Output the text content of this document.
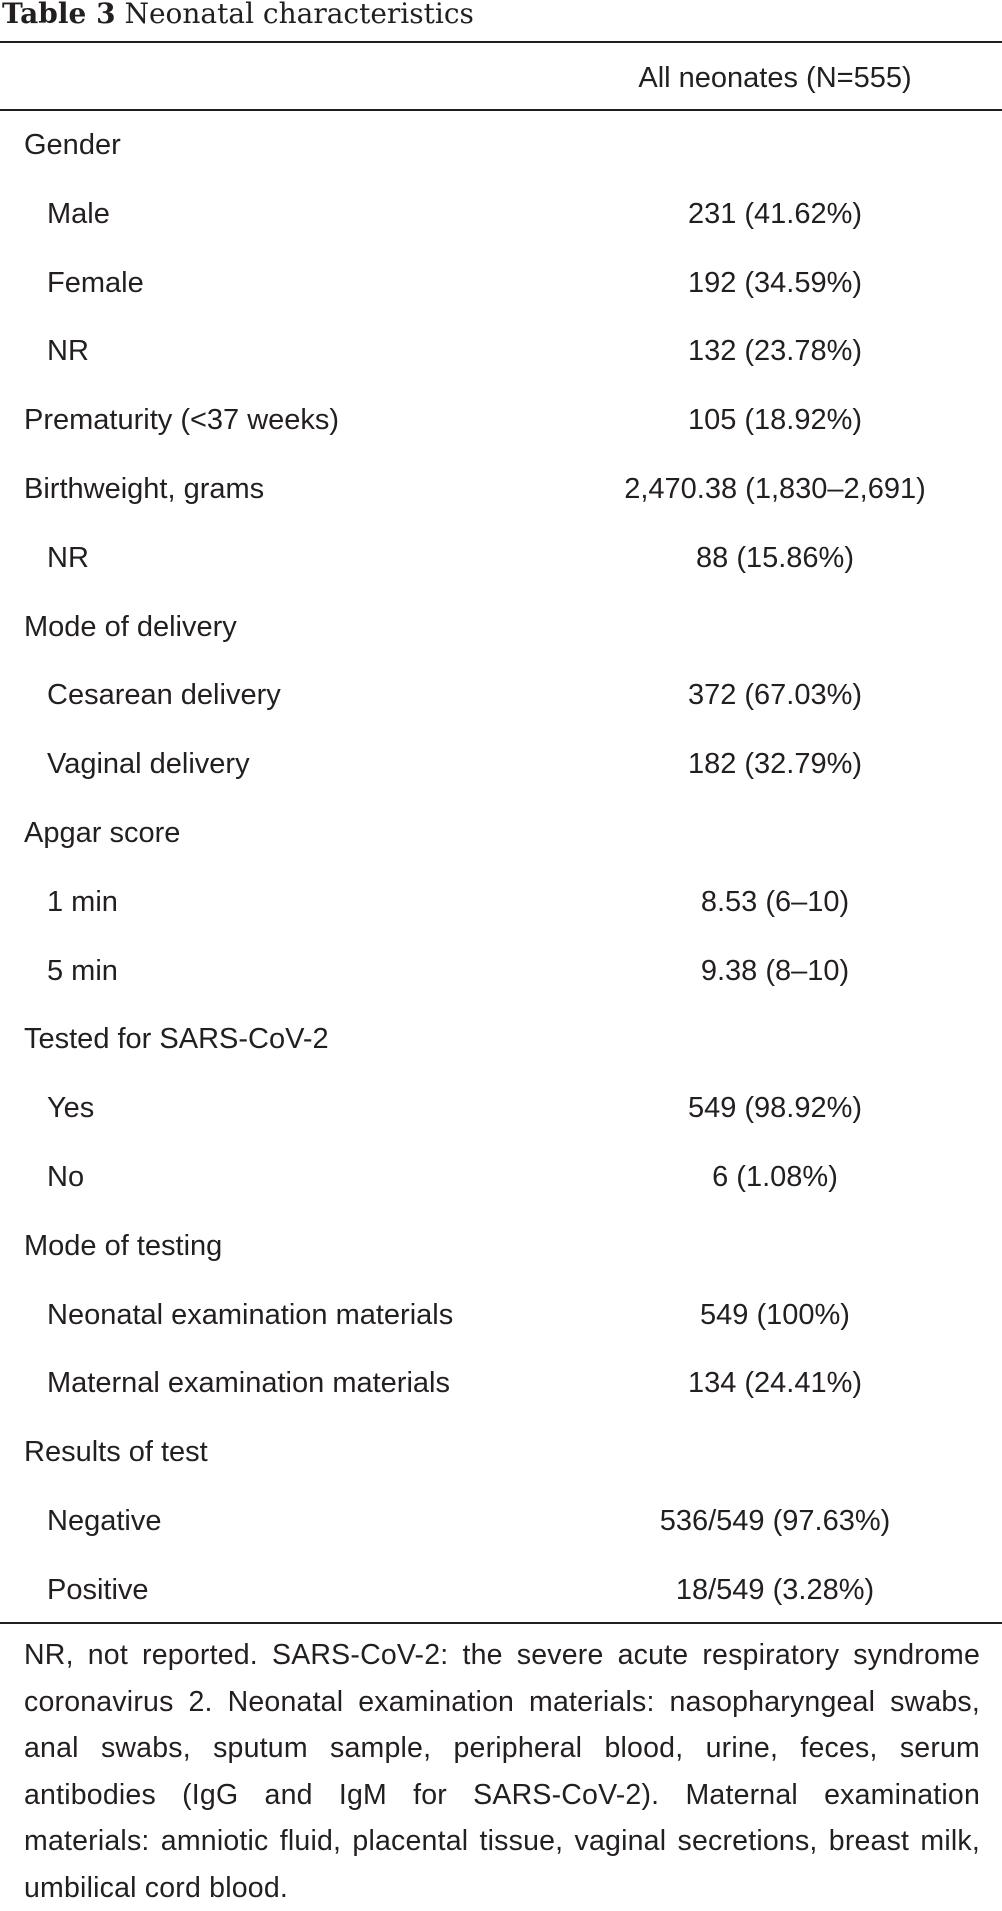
Table 3 Neonatal characteristics
All neonates (N=555)
Gender
Male	231 (41.62%)
Female	192 (34.59%)
NR	132 (23.78%)
Prematurity (<37 weeks)	105 (18.92%)
Birthweight, grams	2,470.38 (1,830–2,691)
NR	88 (15.86%)
Mode of delivery
Cesarean delivery	372 (67.03%)
Vaginal delivery	182 (32.79%)
Apgar score
1 min	8.53 (6–10)
5 min	9.38 (8–10)
Tested for SARS-CoV-2
Yes	549 (98.92%)
No	6 (1.08%)
Mode of testing
Neonatal examination materials	549 (100%)
Maternal examination materials	134 (24.41%)
Results of test
Negative	536/549 (97.63%)
Positive	18/549 (3.28%)
NR, not reported. SARS-CoV-2: the severe acute respiratory syndrome coronavirus 2. Neonatal examination materials: nasopharyngeal swabs, anal swabs, sputum sample, peripheral blood, urine, feces, serum antibodies (IgG and IgM for SARS-CoV-2). Maternal examination materials: amniotic fluid, placental tissue, vaginal secretions, breast milk, umbilical cord blood.
